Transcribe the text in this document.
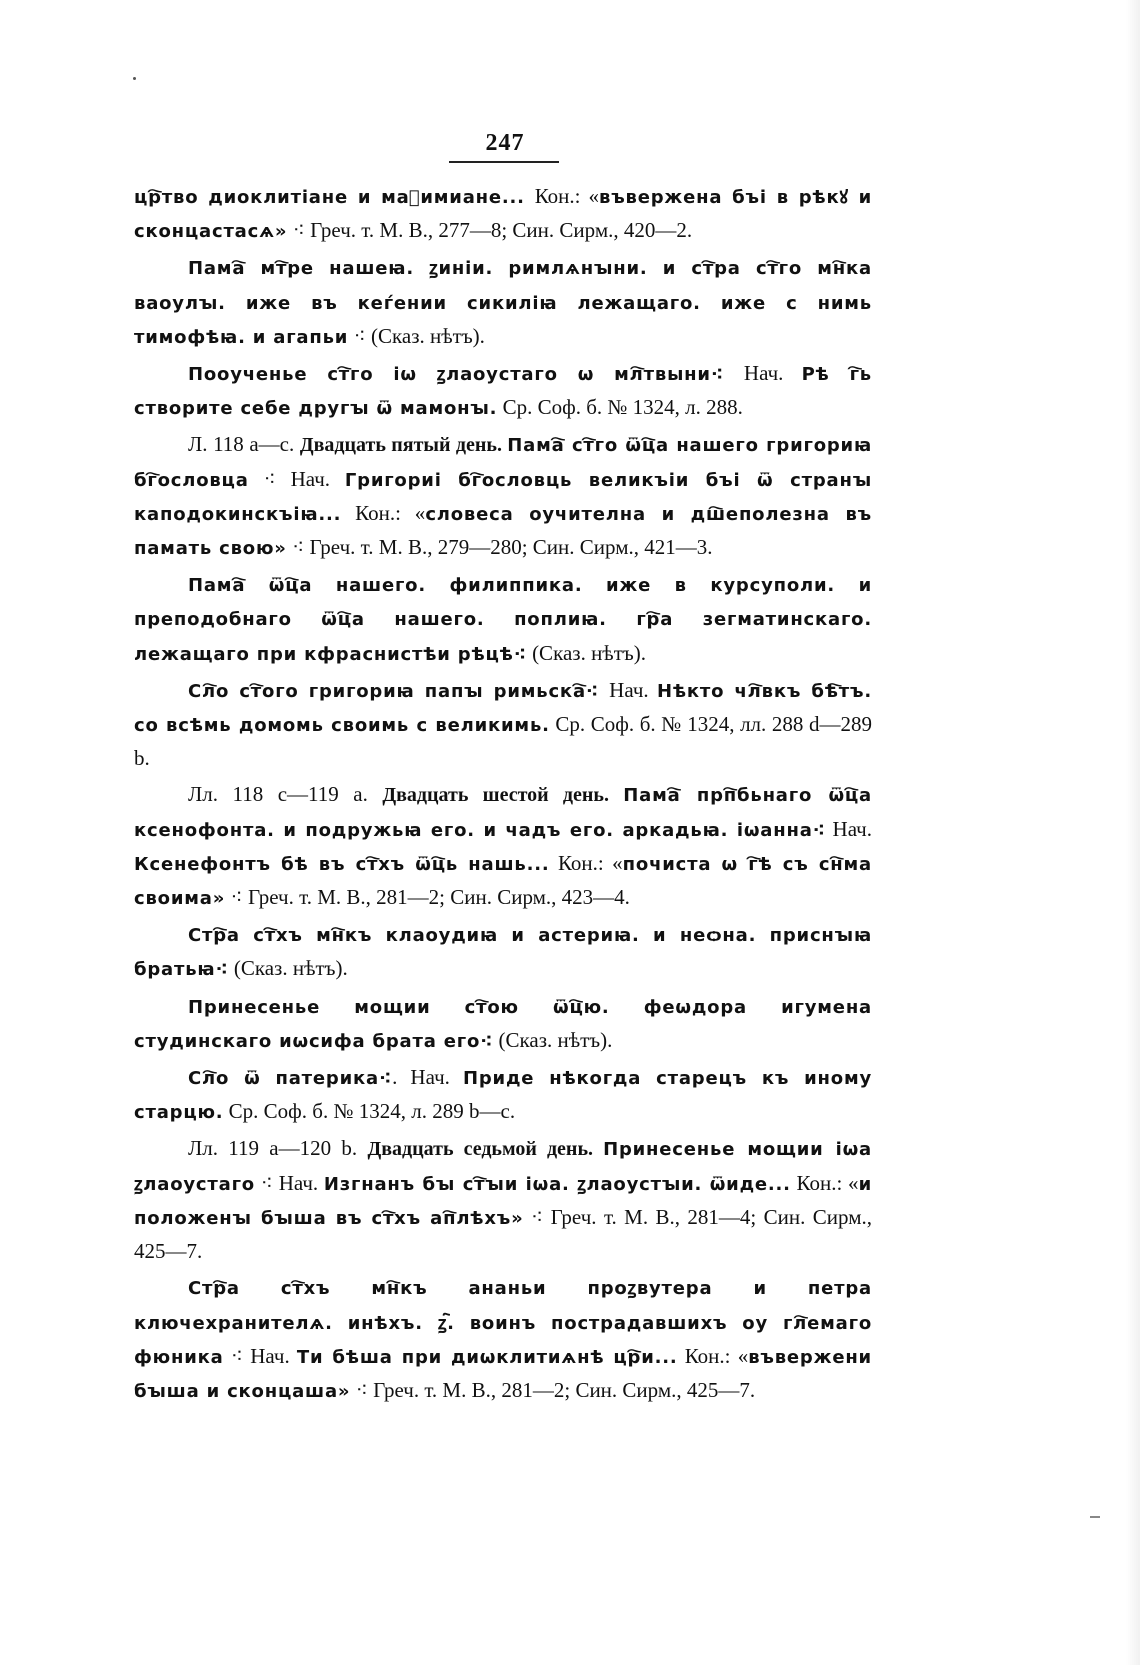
247

цр҇тво диоклитіане и маⷯимиане... Кон.: «въвержена бъі в рѣкꙋ и сконцастасѧ» ⁖ Греч. т. М. В., 277—8; Син. Сирм., 420—2.

Пама҇ мт҇ре нашеꙗ. ꙁиніи. римлѧнꙑни. и ст҇ра ст҇го мн҇ка ваоулꙑ. иже въ кеѓении сикиліꙗ лежащаго. иже с нимь тимофѣꙗ. и агапьи ⁖ (Сказ. нѣтъ).

Пооученье ст҇го іѡ ꙁлаоустаго ѡ мл҇твыни⁖ Нач. Рѣ г҇ь створите себе другꙑ ѿ мамонꙑ. Ср. Соф. б. № 1324, л. 288.

Л. 118 а—с. Двадцать пятый день. Пама҇ ст҇го ѿц҇а нашего григориꙗ бг҇ословца ⁖ Нач. Григориі бг҇ословць великъіи бъі ѿ странꙑ каподокинскъіꙗ... Кон.: «словеса оучителна и дш҇еполезна въ памать свою» ⁖ Греч. т. М. В., 279—280; Син. Сирм., 421—3.

Пама҇ ѿц҇а нашего. филиппика. иже в курсуполи. и преподобнаго ѿц҇а нашего. поплиꙗ. гр҇а зегматинскаго. лежащаго при кфраснистѣи рѣцѣ⁖ (Сказ. нѣтъ).

Сл҇о ст҇ого григориꙗ папꙑ римьска҇⁖ Нач. Нѣкто чл҇вкъ бѣ҇тъ. со всѣмь домомь своимь с великимь. Ср. Соф. б. № 1324, лл. 288 d—289 b.

Лл. 118 с—119 а. Двадцать шестой день. Пама҇ прп҇бьнаго ѿц҇а ксенофонта. и подружьꙗ его. и чадъ его. аркадьꙗ. іѡанна⁖ Нач. Ксенефонтъ бѣ въ ст҇хъ ѿц҇ь нашь... Кон.: «почиста ѡ г҇ѣ съ сн҇ма своима» ⁖ Греч. т. М. В., 281—2; Син. Сирм., 423—4.

Стр҇а ст҇хъ мн҇къ клаоудиꙗ и астериꙗ. и неѻна. приснꙑꙗ братьꙗ⁖ (Сказ. нѣтъ).

Принесенье мощии ст҇ою ѿц҇ю. феѡдора игумена студинскаго иѡсифа брата его⁖ (Сказ. нѣтъ).

Сл҇о ѿ патерика⁖. Нач. Приде нѣкогда старецъ къ иному старцю. Ср. Соф. б. № 1324, л. 289 b—с.

Лл. 119 а—120 b. Двадцать седьмой день. Принесенье мощии іѡа ꙁлаоустаго ⁖ Нач. Изгнанъ бꙑ ст҇ꙑи іѡа. ꙁлаоустꙑи. ѿиде... Кон.: «и положенꙑ бꙑша въ ст҇хъ ап҇лѣхъ» ⁖ Греч. т. М. В., 281—4; Син. Сирм., 425—7.

Стр҇а ст҇хъ мн҇къ ананьи проꙁвутера и петра ключехранителѧ. инѣхъ. ꙁ҇. воинъ пострадавшихъ оу гл҇емаго фюника ⁖ Нач. Ти бѣша при диѡклитиѧнѣ цр҇и... Кон.: «въвержени бꙑша и сконцаша» ⁖ Греч. т. М. В., 281—2; Син. Сирм., 425—7.
